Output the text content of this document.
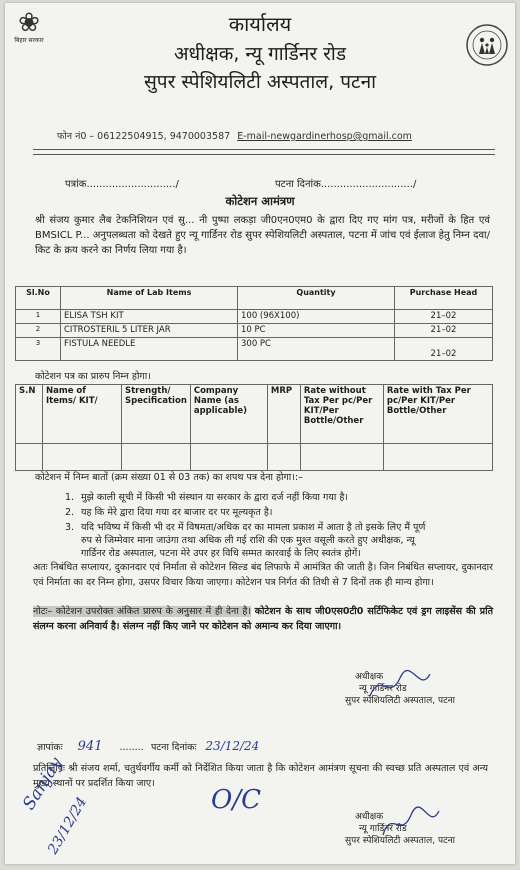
❀
बिहार सरकार
कार्यालय
अधीक्षक, न्यू गार्डिनर रोड
सुपर स्पेशियलिटी अस्पताल, पटना
फोन नं0 – 06122504915, 9470003587 E-mail-newgardinerhosp@gmail.com
पत्रांक............................/	पटना दिनांक............................./
कोटेशन आमंत्रण
श्री संजय कुमार लैब टेकनिशियन एवं सु... नी पुष्पा लकड़ा जी0एन0एम0 के द्वारा दिए गए मांग पत्र, मरीजों के हित एवं BMSICL P... अनुपलब्धता को देखते हुए न्यू गार्डिनर रोड सुपर स्पेशियलिटी अस्पताल, पटना में जांच एवं ईलाज हेतु निम्न दवा/किट के क्रय करने का निर्णय लिया गया है।
Sl.No	Name of Lab Items	Quantity	Purchase Head
1	ELISA TSH KIT	100 (96X100)	21–02
2	CITROSTERIL 5 LITER JAR	10 PC	21–02
3	FISTULA NEEDLE	300 PC	21–02
कोटेशन पत्र का प्रारुप निम्न होगा।
S.N	Name of Items/ KIT/	Strength/ Specification	Company Name (as applicable)	MRP	Rate without Tax Per pc/Per KIT/Per Bottle/Other	Rate with Tax Per pc/Per KIT/Per Bottle/Other

कोटेशन में निम्न बातों (क्रम संख्या 01 से 03 तक) का शपथ पत्र देना होगा।:–
1. मुझे काली सूची में किसी भी संस्थान या सरकार के द्वारा दर्ज नहीं किया गया है।
2. यह कि मेरे द्वारा दिया गया दर बाजार दर पर मूल्यकृत है।
3. यदि भविष्य में किसी भी दर में विषमता/अधिक दर का मामला प्रकाश में आता है तो इसके लिए मैं पूर्ण
रुप से जिम्मेवार माना जाउंगा तथा अधिक ली गई राशि की एक मुश्त वसूली करते हुए अधीक्षक, न्यू
गार्डिनर रोड अस्पताल, पटना मेरे उपर हर विधि सम्मत कारवाई के लिए स्वतंत्र होगें।
अतः निबंधित सप्लायर, दुकानदार एवं निर्माता से कोटेशन सिल्ड बंद लिफाफे में आमंत्रित की जाती है। जिन निबंधित सप्लायर, दुकानदार एवं निर्माता का दर निम्न होगा, उसपर विचार किया जाएगा। कोटेशन पत्र निर्गत की तिथी से 7 दिनों तक ही मान्य होगा।
नोटः– कोटेशन उपरोक्त अंकित प्रारुप के अनुसार में ही देना है। कोटेशन के साथ जी0एस0टी0 सर्टिफिकेट एवं ड्रग लाइसेंस की प्रति संलग्न करना अनिवार्य है। संलग्न नहीं किए जाने पर कोटेशन को अमान्य कर दिया जाएगा।
अधीक्षक
न्यू गार्डिनर रोड
सुपर स्पेशियलिटी अस्पताल, पटना
ज्ञापांकः 941 ........ पटना दिनांकः 23/12/24
प्रतिलिपिः श्री संजय शर्मा, चतुर्थवर्गीय कर्मी को निर्देशित किया जाता है कि कोटेशन आमंत्रण सूचना की स्वच्छ प्रति अस्पताल एवं अन्य मुख्य स्थानों पर प्रदर्शित किया जाए।
अधीक्षक
न्यू गार्डिनर रोड
सुपर स्पेशियलिटी अस्पताल, पटना
Sanjay
23/12/24	O/C
